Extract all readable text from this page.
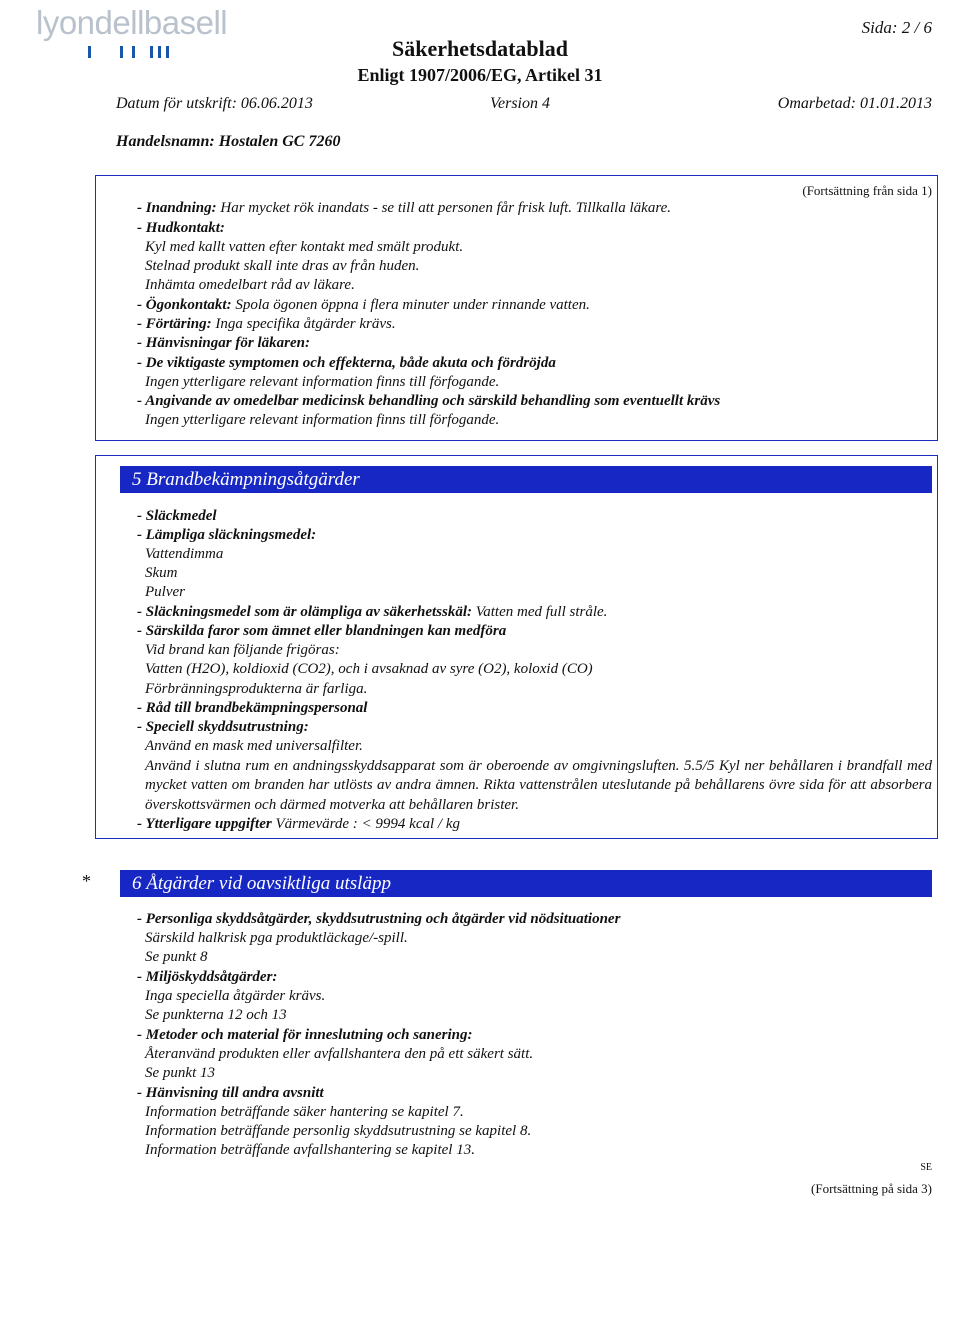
lyondellbasell	Sida: 2 / 6
Säkerhetsdatablad
Enligt 1907/2006/EG, Artikel 31
Datum för utskrift: 06.06.2013	Version 4	Omarbetad: 01.01.2013
Handelsnamn: Hostalen GC 7260
(Fortsättning från sida 1)
- Inandning: Har mycket rök inandats - se till att personen får frisk luft. Tillkalla läkare.
- Hudkontakt:
Kyl med kallt vatten efter kontakt med smält produkt.
Stelnad produkt skall inte dras av från huden.
Inhämta omedelbart råd av läkare.
- Ögonkontakt: Spola ögonen öppna i flera minuter under rinnande vatten.
- Förtäring: Inga specifika åtgärder krävs.
- Hänvisningar för läkaren:
- De viktigaste symptomen och effekterna, både akuta och fördröjda
Ingen ytterligare relevant information finns till förfogande.
- Angivande av omedelbar medicinsk behandling och särskild behandling som eventuellt krävs
Ingen ytterligare relevant information finns till förfogande.
5 Brandbekämpningsåtgärder
- Släckmedel
- Lämpliga släckningsmedel:
Vattendimma
Skum
Pulver
- Släckningsmedel som är olämpliga av säkerhetsskäl: Vatten med full stråle.
- Särskilda faror som ämnet eller blandningen kan medföra
Vid brand kan följande frigöras:
Vatten (H2O), koldioxid (CO2), och i avsaknad av syre (O2), koloxid (CO)
Förbränningsprodukterna är farliga.
- Råd till brandbekämpningspersonal
- Speciell skyddsutrustning:
Använd en mask med universalfilter.
Använd i slutna rum en andningsskyddsapparat som är oberoende av omgivningsluften. 5.5/5 Kyl ner behållaren i brandfall med mycket vatten om branden har utlösts av andra ämnen. Rikta vattenstrålen uteslutande på behållarens övre sida för att absorbera överskottsvärmen och därmed motverka att behållaren brister.
- Ytterligare uppgifter Värmevärde : < 9994 kcal / kg
*	6 Åtgärder vid oavsiktliga utsläpp
- Personliga skyddsåtgärder, skyddsutrustning och åtgärder vid nödsituationer
Särskild halkrisk pga produktläckage/-spill.
Se punkt 8
- Miljöskyddsåtgärder:
Inga speciella åtgärder krävs.
Se punkterna 12 och 13
- Metoder och material för inneslutning och sanering:
Återanvänd produkten eller avfallshantera den på ett säkert sätt.
Se punkt 13
- Hänvisning till andra avsnitt
Information beträffande säker hantering se kapitel 7.
Information beträffande personlig skyddsutrustning se kapitel 8.
Information beträffande avfallshantering se kapitel 13.
SE
(Fortsättning på sida 3)
